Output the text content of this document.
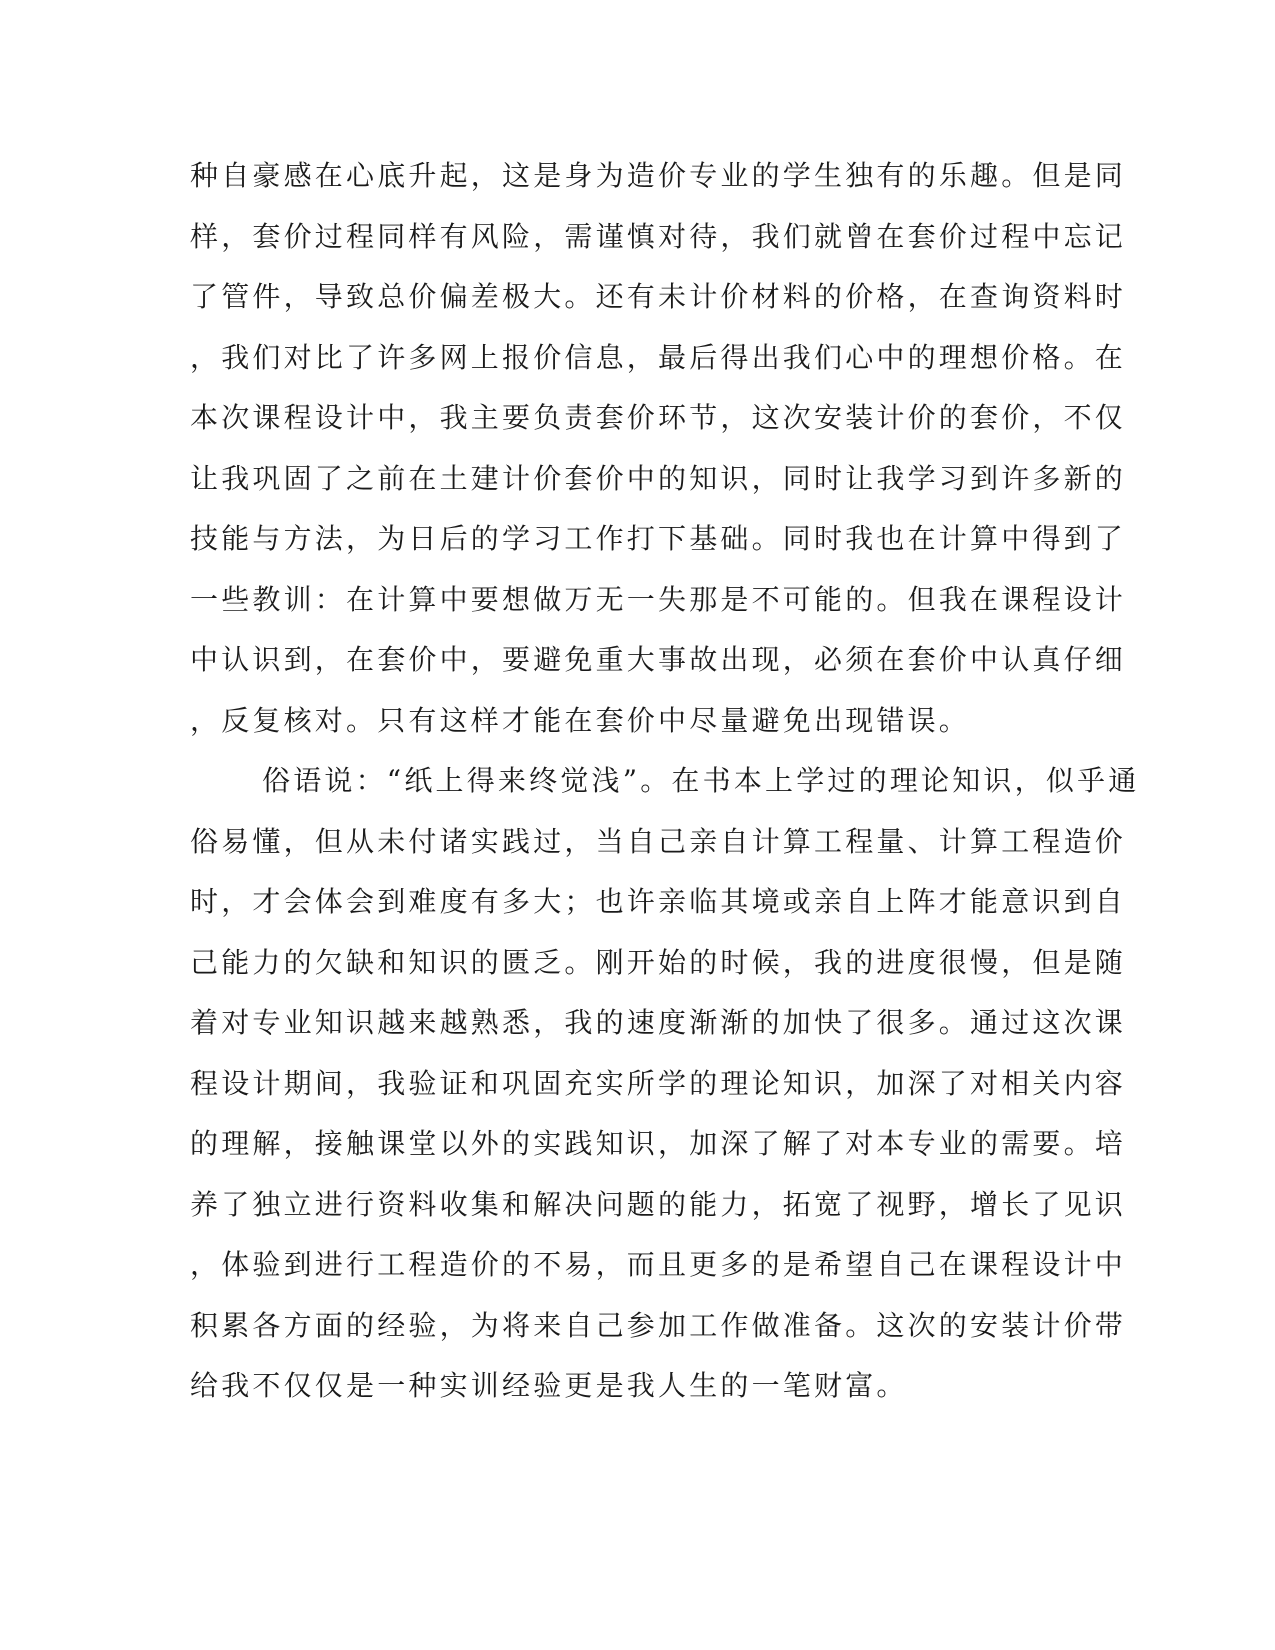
种自豪感在心底升起，这是身为造价专业的学生独有的乐趣。但是同
样，套价过程同样有风险，需谨慎对待，我们就曾在套价过程中忘记
了管件，导致总价偏差极大。还有未计价材料的价格，在查询资料时
，我们对比了许多网上报价信息，最后得出我们心中的理想价格。在
本次课程设计中，我主要负责套价环节，这次安装计价的套价，不仅
让我巩固了之前在土建计价套价中的知识，同时让我学习到许多新的
技能与方法，为日后的学习工作打下基础。同时我也在计算中得到了
一些教训：在计算中要想做万无一失那是不可能的。但我在课程设计
中认识到，在套价中，要避免重大事故出现，必须在套价中认真仔细
，反复核对。只有这样才能在套价中尽量避免出现错误。
俗语说：“纸上得来终觉浅”。在书本上学过的理论知识，似乎通
俗易懂，但从未付诸实践过，当自己亲自计算工程量、计算工程造价
时，才会体会到难度有多大；也许亲临其境或亲自上阵才能意识到自
己能力的欠缺和知识的匮乏。刚开始的时候，我的进度很慢，但是随
着对专业知识越来越熟悉，我的速度渐渐的加快了很多。通过这次课
程设计期间，我验证和巩固充实所学的理论知识，加深了对相关内容
的理解，接触课堂以外的实践知识，加深了解了对本专业的需要。培
养了独立进行资料收集和解决问题的能力，拓宽了视野，增长了见识
，体验到进行工程造价的不易，而且更多的是希望自己在课程设计中
积累各方面的经验，为将来自己参加工作做准备。这次的安装计价带
给我不仅仅是一种实训经验更是我人生的一笔财富。
